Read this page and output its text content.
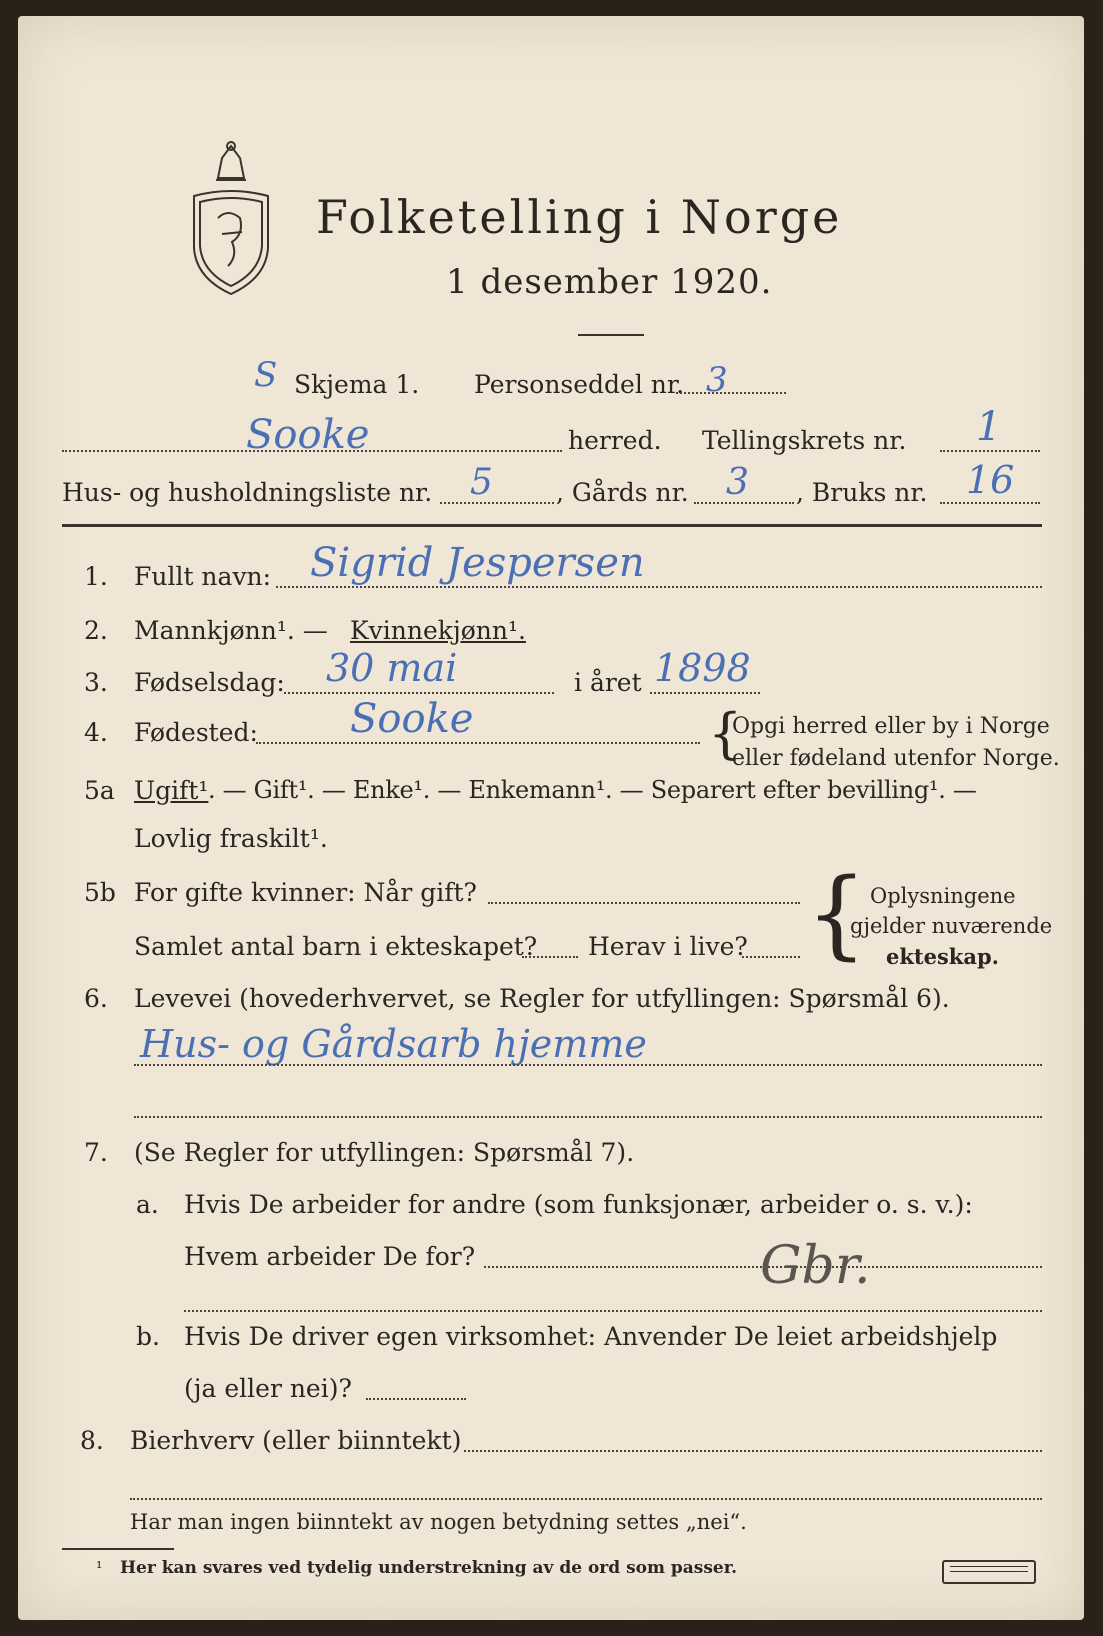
Folketelling i Norge
1 desember 1920.
S Skjema 1. Personseddel nr. 3
Sooke	herred. Tellingskrets nr. 1
Hus- og husholdningsliste nr. 5	, Gårds nr. 3 , Bruks nr. 16
1. Fullt navn: Sigrid Jespersen
2. Mannkjønn¹. — Kvinnekjønn¹.
3. Fødselsdag: 30 mai	i året 1898
4. Fødested: Sooke	{
Opgi herred eller by i Norge
eller fødeland utenfor Norge.
5a Ugift¹ . — Gift¹. — Enke¹. — Enkemann¹. — Separert efter bevilling¹. —
Lovlig fraskilt¹.
5b For gifte kvinner: Når gift?
Samlet antal barn i ekteskapet? Herav i live? { Oplysningene
gjelder nuværende
ekteskap.
6. Levevei (hovederhvervet, se Regler for utfyllingen: Spørsmål 6).
Hus- og Gårdsarb hjemme
7. (Se Regler for utfyllingen: Spørsmål 7).
a. Hvis De arbeider for andre (som funksjonær, arbeider o. s. v.):
Hvem arbeider De for?	Gbr.
b. Hvis De driver egen virksomhet: Anvender De leiet arbeidshjelp
(ja eller nei)?
8. Bierhverv (eller biinntekt)
Har man ingen biinntekt av nogen betydning settes „nei“.
¹ Her kan svares ved tydelig understrekning av de ord som passer.
